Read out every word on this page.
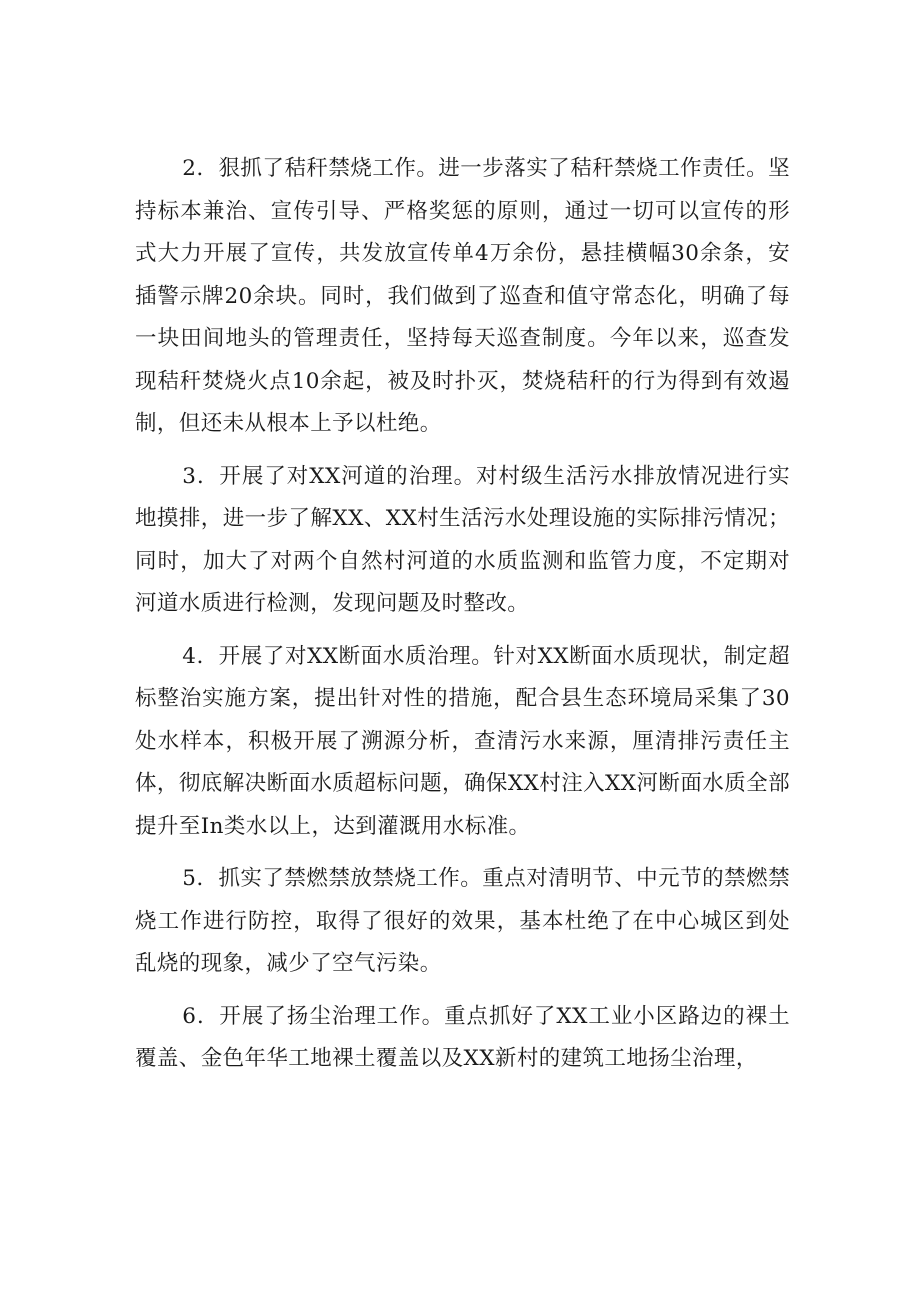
2．狠抓了秸秆禁烧工作。进一步落实了秸秆禁烧工作责任。坚持标本兼治、宣传引导、严格奖惩的原则，通过一切可以宣传的形式大力开展了宣传，共发放宣传单4万余份，悬挂横幅30余条，安插警示牌20余块。同时，我们做到了巡查和值守常态化，明确了每一块田间地头的管理责任，坚持每天巡查制度。今年以来，巡查发现秸秆焚烧火点10余起，被及时扑灭，焚烧秸秆的行为得到有效遏制，但还未从根本上予以杜绝。

3．开展了对XX河道的治理。对村级生活污水排放情况进行实地摸排，进一步了解XX、XX村生活污水处理设施的实际排污情况；同时，加大了对两个自然村河道的水质监测和监管力度，不定期对河道水质进行检测，发现问题及时整改。

4．开展了对XX断面水质治理。针对XX断面水质现状，制定超标整治实施方案，提出针对性的措施，配合县生态环境局采集了30处水样本，积极开展了溯源分析，查清污水来源，厘清排污责任主体，彻底解决断面水质超标问题，确保XX村注入XX河断面水质全部提升至In类水以上，达到灌溉用水标准。

5．抓实了禁燃禁放禁烧工作。重点对清明节、中元节的禁燃禁烧工作进行防控，取得了很好的效果，基本杜绝了在中心城区到处乱烧的现象，减少了空气污染。

6．开展了扬尘治理工作。重点抓好了XX工业小区路边的裸土覆盖、金色年华工地裸土覆盖以及XX新村的建筑工地扬尘治理，
